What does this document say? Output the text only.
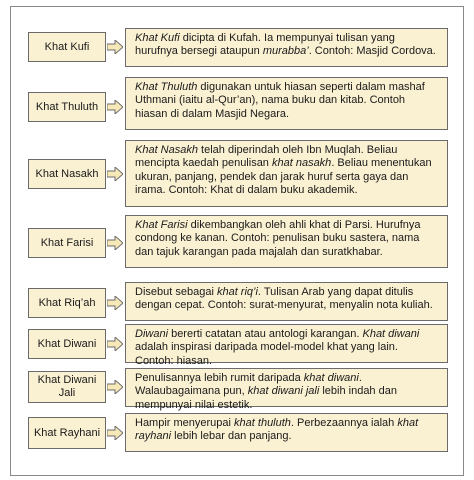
Khat Kufi
Khat Kufi dicipta di Kufah. Ia mempunyai tulisan yang hurufnya bersegi ataupun murabba’. Contoh: Masjid Cordova.
Khat Thuluth
Khat Thuluth digunakan untuk hiasan seperti dalam mashaf Uthmani (iaitu al-Qur’an), nama buku dan kitab. Contoh hiasan di dalam Masjid Negara.
Khat Nasakh
Khat Nasakh telah diperindah oleh Ibn Muqlah. Beliau mencipta kaedah penulisan khat nasakh. Beliau menentukan ukuran, panjang, pendek dan jarak huruf serta gaya dan irama. Contoh: Khat di dalam buku akademik.
Khat Farisi
Khat Farisi dikembangkan oleh ahli khat di Parsi. Hurufnya condong ke kanan. Contoh: penulisan buku sastera, nama dan tajuk karangan pada majalah dan suratkhabar.
Khat Riq’ah
Disebut sebagai khat riq’i. Tulisan Arab yang dapat ditulis dengan cepat. Contoh: surat-menyurat, menyalin nota kuliah.
Khat Diwani
Diwani bererti catatan atau antologi karangan. Khat diwani adalah inspirasi daripada model-model khat yang lain. Contoh: hiasan.
Khat Diwani Jali
Penulisannya lebih rumit daripada khat diwani. Walaubagaimana pun, khat diwani jali lebih indah dan mempunyai nilai estetik.
Khat Rayhani
Hampir menyerupai khat thuluth. Perbezaannya ialah khat rayhani lebih lebar dan panjang.
